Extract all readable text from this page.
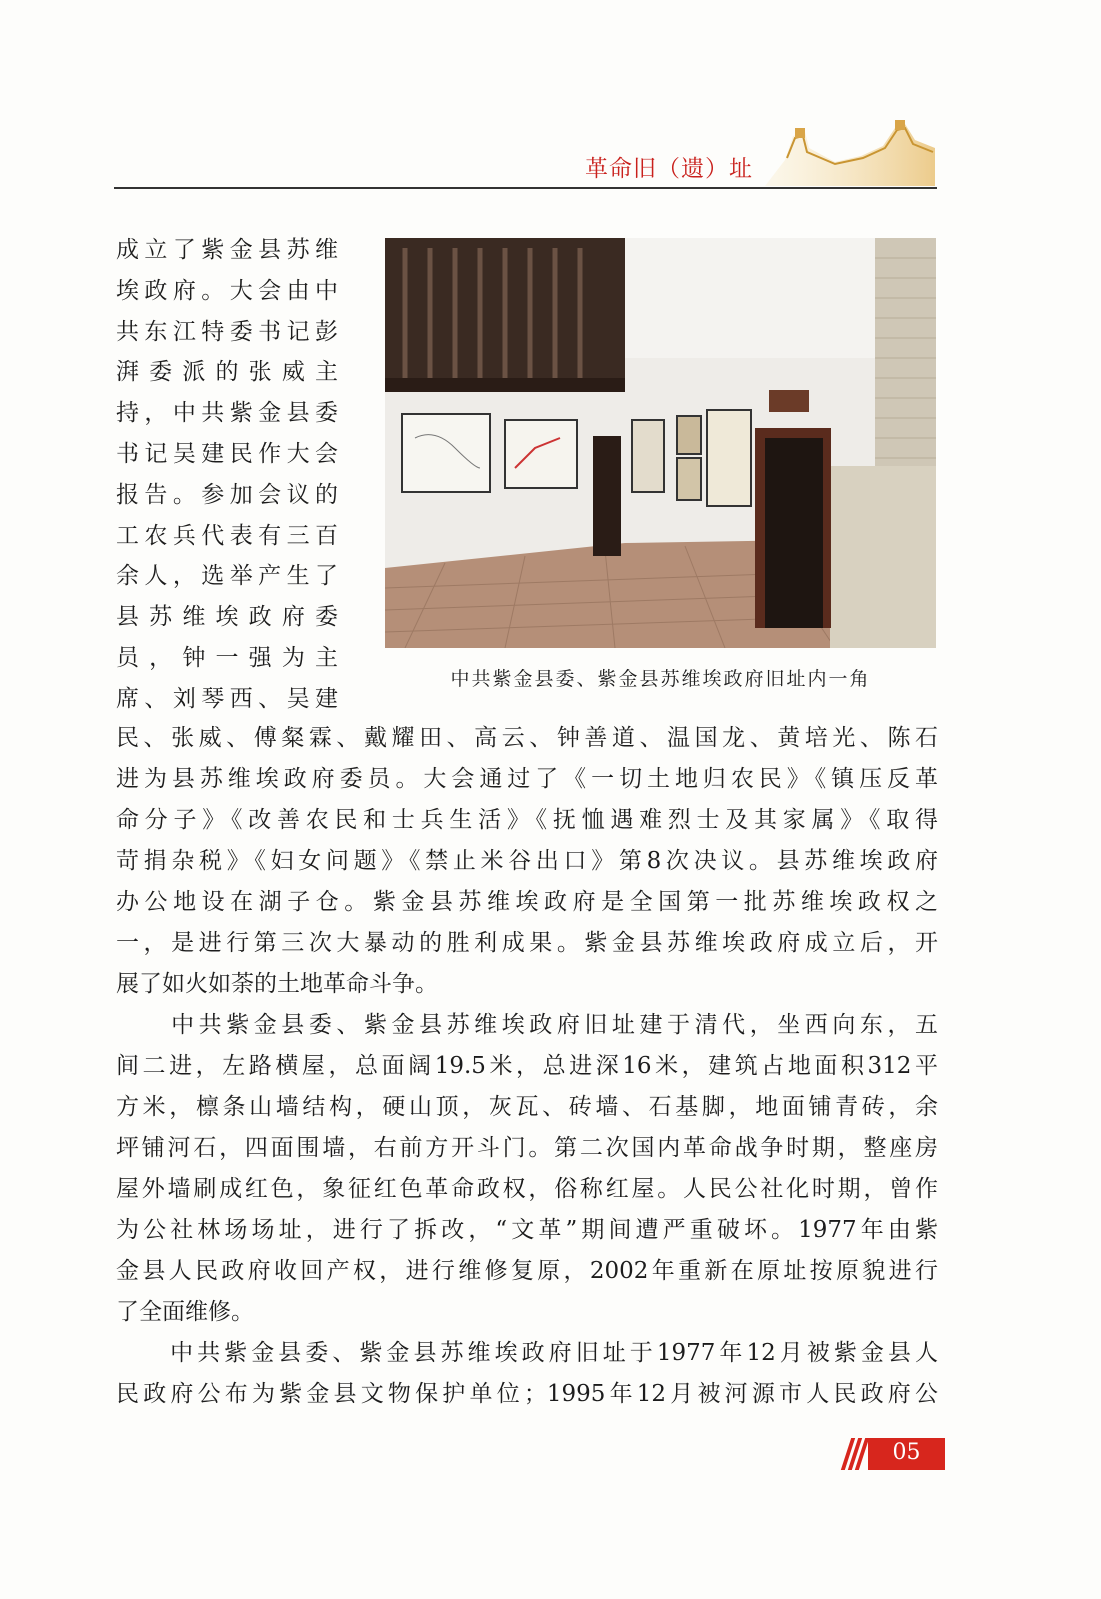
革命旧（遗）址
中共紫金县委、紫金县苏维埃政府旧址内一角
成立了紫金县苏维
埃政府。大会由中
共东江特委书记彭
湃委派的张威主
持，中共紫金县委
书记吴建民作大会
报告。参加会议的
工农兵代表有三百
余人，选举产生了
县苏维埃政府委
员，钟一强为主
席、刘琴西、吴建
民、张威、傅粲霖、戴耀田、高云、钟善道、温国龙、黄培光、陈石
进为县苏维埃政府委员。大会通过了《一切土地归农民》《镇压反革
命分子》《改善农民和士兵生活》《抚恤遇难烈士及其家属》《取得
苛捐杂税》《妇女问题》《禁止米谷出口》第8次决议。县苏维埃政府
办公地设在湖子仓。紫金县苏维埃政府是全国第一批苏维埃政权之
一，是进行第三次大暴动的胜利成果。紫金县苏维埃政府成立后，开
展了如火如荼的土地革命斗争。
　　中共紫金县委、紫金县苏维埃政府旧址建于清代，坐西向东，五
间二进，左路横屋，总面阔19.5米，总进深16米，建筑占地面积312平
方米，檩条山墙结构，硬山顶，灰瓦、砖墙、石基脚，地面铺青砖，余
坪铺河石，四面围墙，右前方开斗门。第二次国内革命战争时期，整座房
屋外墙刷成红色，象征红色革命政权，俗称红屋。人民公社化时期，曾作
为公社林场场址，进行了拆改，“文革”期间遭严重破坏。1977年由紫
金县人民政府收回产权，进行维修复原，2002年重新在原址按原貌进行
了全面维修。
　　中共紫金县委、紫金县苏维埃政府旧址于1977年12月被紫金县人
民政府公布为紫金县文物保护单位；1995年12月被河源市人民政府公
05
